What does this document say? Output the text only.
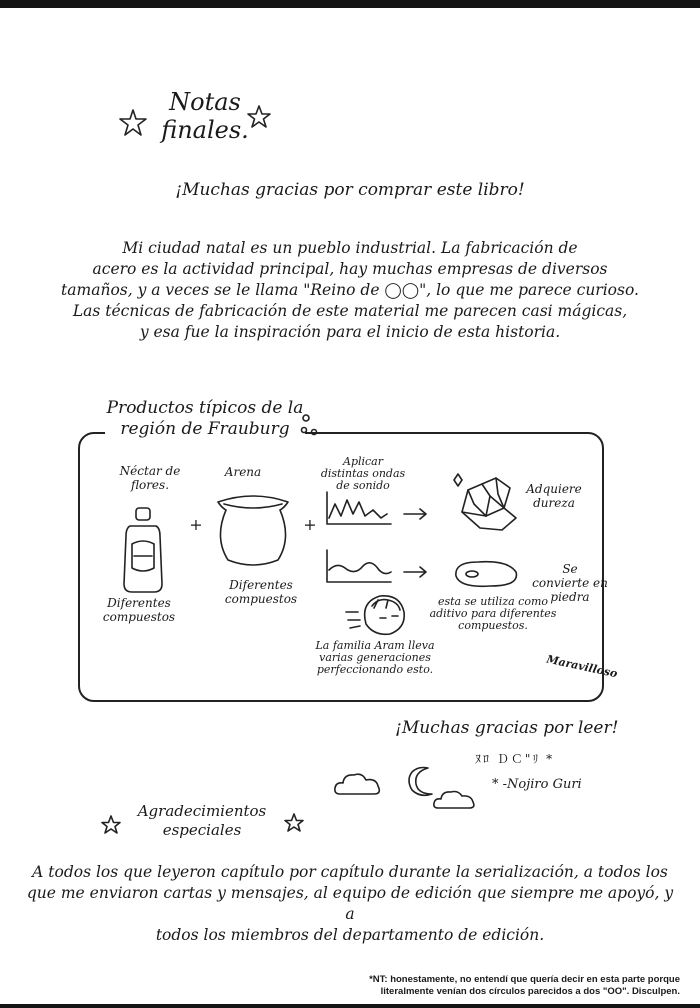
Notas finales.
¡Muchas gracias por comprar este libro!
Mi ciudad natal es un pueblo industrial. La fabricación de
acero es la actividad principal, hay muchas empresas de diversos
tamaños, y a veces se le llama "Reino de ◯◯", lo que me parece curioso.
Las técnicas de fabricación de este material me parecen casi mágicas,
y esa fue la inspiración para el inicio de esta historia.
Productos típicos de la región de Frauburg
Néctar de flores.
+
Arena
+
Diferentes compuestos
Diferentes compuestos
Aplicar distintas ondas de sonido	Adquiere dureza
Se convierte en piedra
esta se utiliza como aditivo para diferentes compuestos.
La familia Aram lleva varias generaciones perfeccionando esto.	Maravilloso
¡Muchas gracias por leer!
ﾇﾛ ＤＣ"ﾘ *
* -Nojiro Guri
Agradecimientos especiales
A todos los que leyeron capítulo por capítulo durante la serialización, a todos los
que me enviaron cartas y mensajes, al equipo de edición que siempre me apoyó, y a
todos los miembros del departamento de edición.
*NT: honestamente, no entendí que quería decir en esta parte porque
literalmente venían dos círculos parecidos a dos "OO". Disculpen.
